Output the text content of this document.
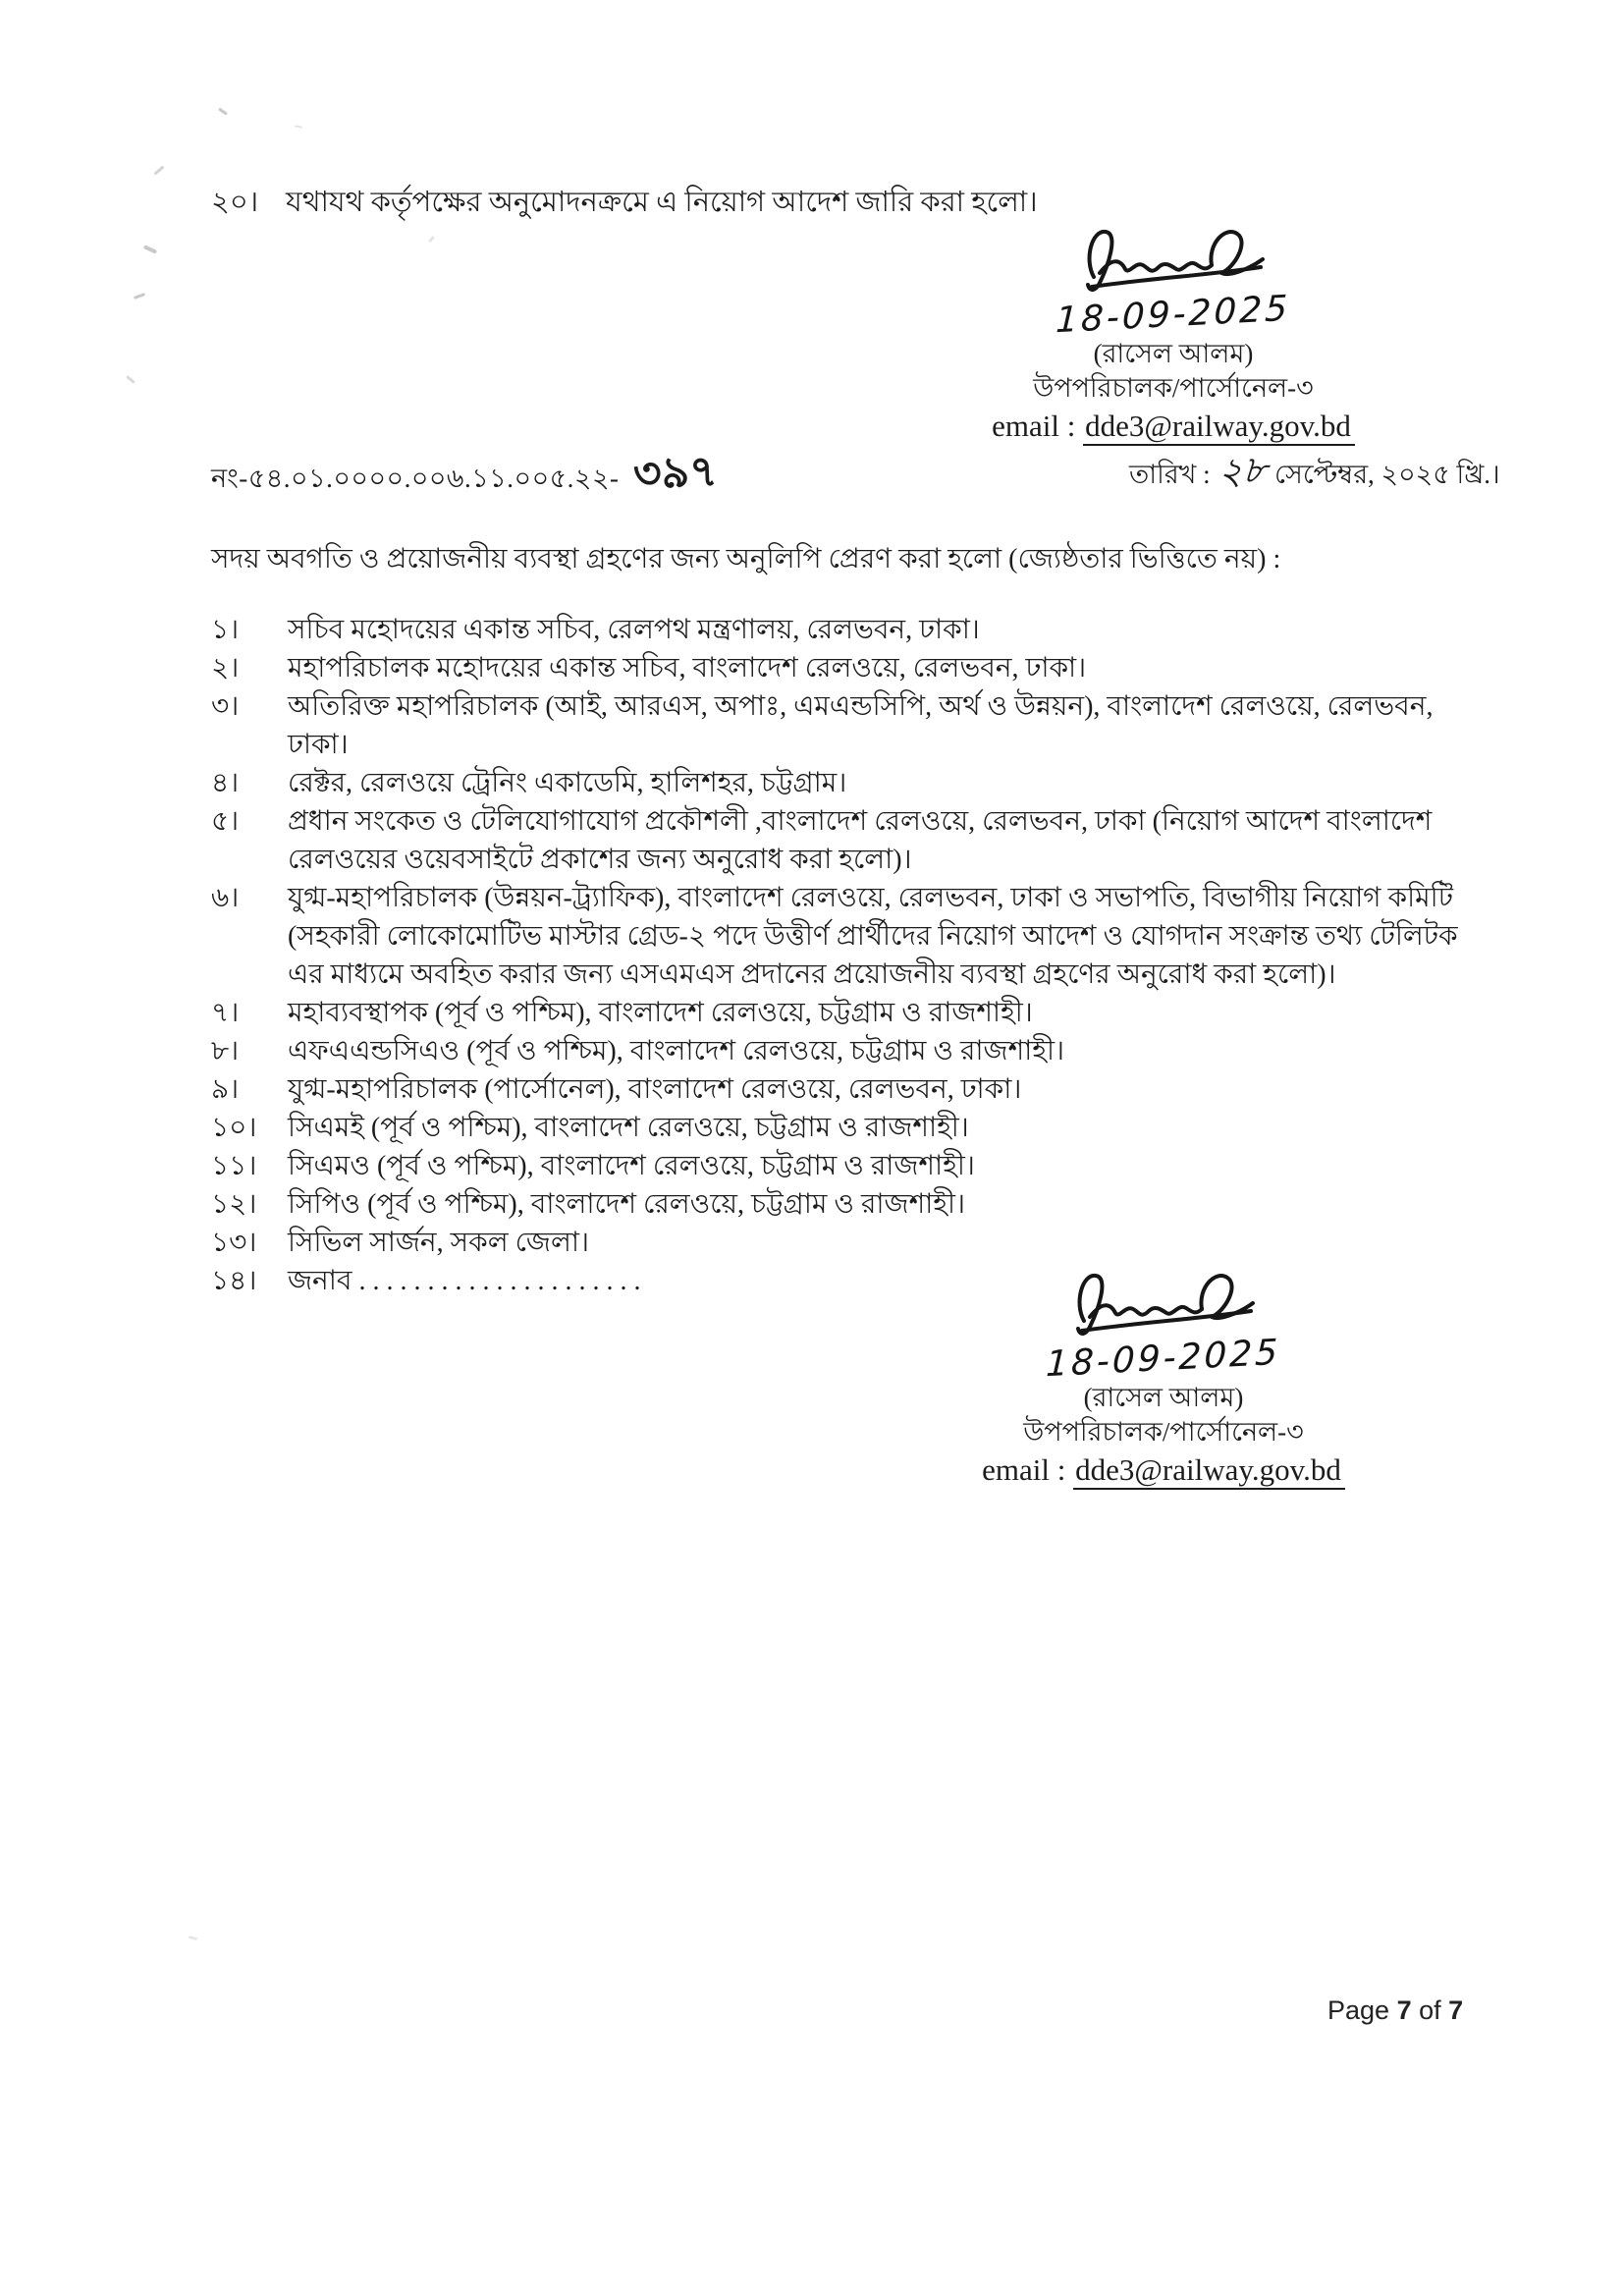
২০। যথাযথ কর্তৃপক্ষের অনুমোদনক্রমে এ নিয়োগ আদেশ জারি করা হলো।
18-09-2025
(রাসেল আলম)
উপপরিচালক/পার্সোনেল-৩
email : dde3@railway.gov.bd
নং-৫৪.০১.০০০০.০০৬.১১.০০৫.২২- ৩৯৭	তারিখ : ২৮ সেপ্টেম্বর, ২০২৫ খ্রি.।
সদয় অবগতি ও প্রয়োজনীয় ব্যবস্থা গ্রহণের জন্য অনুলিপি প্রেরণ করা হলো (জ্যেষ্ঠতার ভিত্তিতে নয়) :
১।	সচিব মহোদয়ের একান্ত সচিব, রেলপথ মন্ত্রণালয়, রেলভবন, ঢাকা।
২।	মহাপরিচালক মহোদয়ের একান্ত সচিব, বাংলাদেশ রেলওয়ে, রেলভবন, ঢাকা।
৩।	অতিরিক্ত মহাপরিচালক (আই, আরএস, অপাঃ, এমএন্ডসিপি, অর্থ ও উন্নয়ন), বাংলাদেশ রেলওয়ে, রেলভবন, ঢাকা।
৪।	রেক্টর, রেলওয়ে ট্রেনিং একাডেমি, হালিশহর, চট্টগ্রাম।
৫।	প্রধান সংকেত ও টেলিযোগাযোগ প্রকৌশলী ,বাংলাদেশ রেলওয়ে, রেলভবন, ঢাকা (নিয়োগ আদেশ বাংলাদেশ রেলওয়ের ওয়েবসাইটে প্রকাশের জন্য অনুরোধ করা হলো)।
৬।	যুগ্ম-মহাপরিচালক (উন্নয়ন-ট্র্যাফিক), বাংলাদেশ রেলওয়ে, রেলভবন, ঢাকা ও সভাপতি, বিভাগীয় নিয়োগ কমিটি (সহকারী লোকোমোটিভ মাস্টার গ্রেড-২ পদে উত্তীর্ণ প্রার্থীদের নিয়োগ আদেশ ও যোগদান সংক্রান্ত তথ্য টেলিটক এর মাধ্যমে অবহিত করার জন্য এসএমএস প্রদানের প্রয়োজনীয় ব্যবস্থা গ্রহণের অনুরোধ করা হলো)।
৭।	মহাব্যবস্থাপক (পূর্ব ও পশ্চিম), বাংলাদেশ রেলওয়ে, চট্টগ্রাম ও রাজশাহী।
৮।	এফএএন্ডসিএও (পূর্ব ও পশ্চিম), বাংলাদেশ রেলওয়ে, চট্টগ্রাম ও রাজশাহী।
৯।	যুগ্ম-মহাপরিচালক (পার্সোনেল), বাংলাদেশ রেলওয়ে, রেলভবন, ঢাকা।
১০।	সিএমই (পূর্ব ও পশ্চিম), বাংলাদেশ রেলওয়ে, চট্টগ্রাম ও রাজশাহী।
১১।	সিএমও (পূর্ব ও পশ্চিম), বাংলাদেশ রেলওয়ে, চট্টগ্রাম ও রাজশাহী।
১২।	সিপিও (পূর্ব ও পশ্চিম), বাংলাদেশ রেলওয়ে, চট্টগ্রাম ও রাজশাহী।
১৩।	সিভিল সার্জন, সকল জেলা।
১৪।	জনাব . . . . . . . . . . . . . . . . . . . . .
18-09-2025
(রাসেল আলম)
উপপরিচালক/পার্সোনেল-৩
email : dde3@railway.gov.bd
Page 7 of 7
